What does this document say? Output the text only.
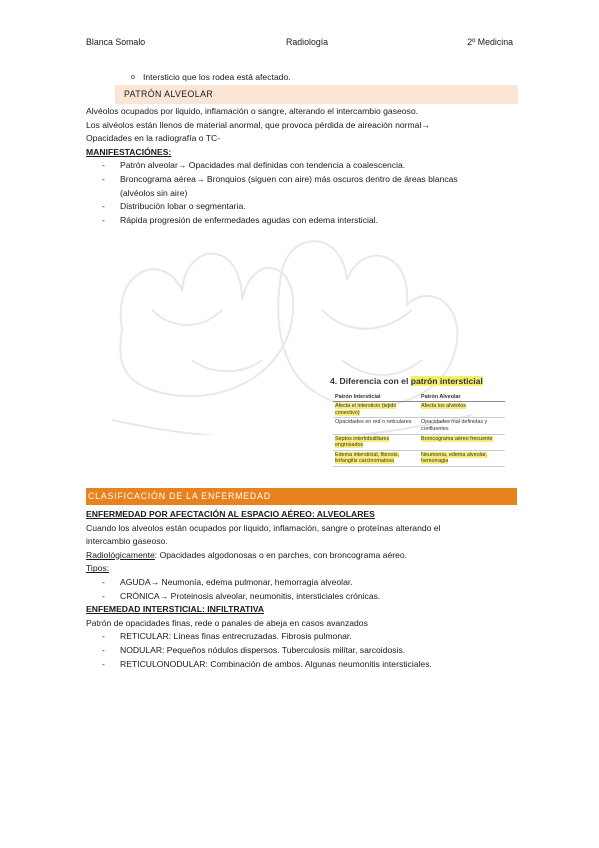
Blanca Somalo	Radiología	2º Medicina
o Intersticio que los rodea está afectado.
PATRÓN ALVEOLAR
Alvéolos ocupados por liquido, inflamación o sangre, alterando el intercambio gaseoso.
Los alvéolos están llenos de material anormal, que provoca pérdida de aireación normal→
Opacidades en la radiografía o TC-
MANIFESTACIÓNES:
- Patrón alveolar→ Opacidades mal definidas con tendencia a coalescencia.
- Broncograma aérea→ Bronquios (siguen con aire) más oscuros dentro de áreas blancas
(alvéolos sin aire)
- Distribución lobar o segmentaria.
- Rápida progresión de enfermedades agudas con edema intersticial.
4. Diferencia con el patrón intersticial
Patrón Intersticial	Patrón Alveolar
Afecta el intersticio (tejido conectivo)	Afecta los alvéolos
Opacidades en red o reticulares	Opacidades mal definidas y confluentes
Septos interlobulillares engrosados	Broncograma aéreo frecuente
Edema intersticial, fibrosis, linfangitis carcinomatosa	Neumonía, edema alveolar, hemorragia
CLASIFICACIÓN DE LA ENFERMEDAD
ENFERMEDAD POR AFECTACIÓN AL ESPACIO AÉREO: ALVEOLARES
Cuando los alveolos están ocupados por liquido, inflamación, sangre o proteínas alterando el
intercambio gaseoso.
Radiológicamente: Opacidades algodonosas o en parches, con broncograma aéreo.
Tipos:
- AGUDA→ Neumonía, edema pulmonar, hemorragia alveolar.
- CRÓNICA→ Proteinosis alveolar, neumonitis, intersticiales crónicas.
ENFEMEDAD INTERSTICIAL: INFILTRATIVA
Patrón de opacidades finas, rede o panales de abeja en casos avanzados
- RETICULAR: Líneas finas entrecruzadas. Fibrosis pulmonar.
- NODULAR: Pequeños nódulos dispersos. Tuberculosis militar, sarcoidosis.
- RETICULONODULAR: Combinación de ambos. Algunas neumonitis intersticiales.
